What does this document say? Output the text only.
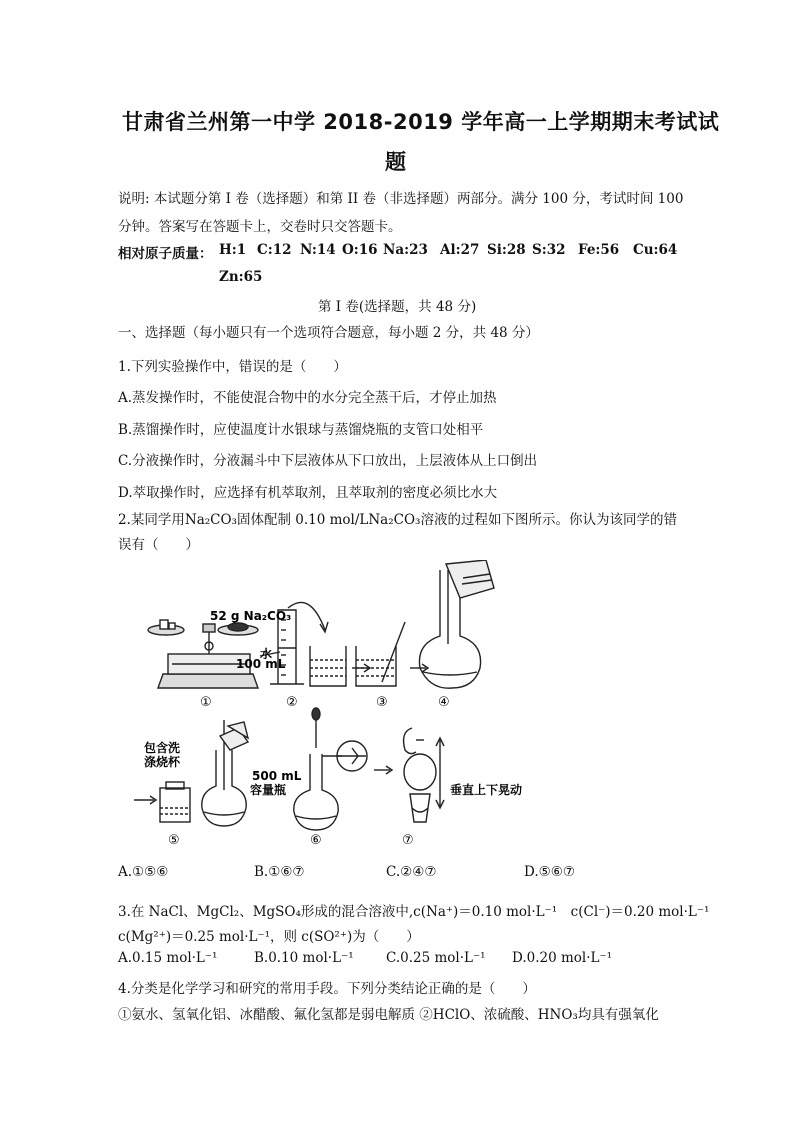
甘肃省兰州第一中学 2018-2019 学年高一上学期期末考试试
题
说明: 本试题分第 I 卷（选择题）和第 II 卷（非选择题）两部分。满分 100 分，考试时间 100
分钟。答案写在答题卡上，交卷时只交答题卡。
相对原子质量： H:1 C:12 N:14 O:16 Na:23 Al:27 Si:28 S:32 Fe:56 Cu:64
Zn:65
第 I 卷(选择题，共 48 分)
一、选择题（每小题只有一个选项符合题意，每小题 2 分，共 48 分）
1.下列实验操作中，错误的是（　　）
A.蒸发操作时，不能使混合物中的水分完全蒸干后，才停止加热
B.蒸馏操作时，应使温度计水银球与蒸馏烧瓶的支管口处相平
C.分液操作时，分液漏斗中下层液体从下口放出，上层液体从上口倒出
D.萃取操作时，应选择有机萃取剂，且萃取剂的密度必须比水大
2.某同学用Na₂CO₃固体配制 0.10 mol/LNa₂CO₃溶液的过程如下图所示。你认为该同学的错
误有（　　）
52 g Na₂CO₃
水
100 mL
包含洗
涤烧杯
500 mL
容量瓶	垂直上下晃动
①	②	③	④
⑤	⑥	⑦
A.①⑤⑥	B.①⑥⑦	C.②④⑦	D.⑤⑥⑦
3.在 NaCl、MgCl₂、MgSO₄形成的混合溶液中,c(Na⁺)＝0.10 mol·L⁻¹　c(Cl⁻)＝0.20 mol·L⁻¹
c(Mg²⁺)＝0.25 mol·L⁻¹，则 c(SO²⁺)为（　　）
A.0.15 mol·L⁻¹	B.0.10 mol·L⁻¹ C.0.25 mol·L⁻¹ D.0.20 mol·L⁻¹
4.分类是化学学习和研究的常用手段。下列分类结论正确的是（　　）
①氨水、氢氧化铝、冰醋酸、氟化氢都是弱电解质 ②HClO、浓硫酸、HNO₃均具有强氧化
